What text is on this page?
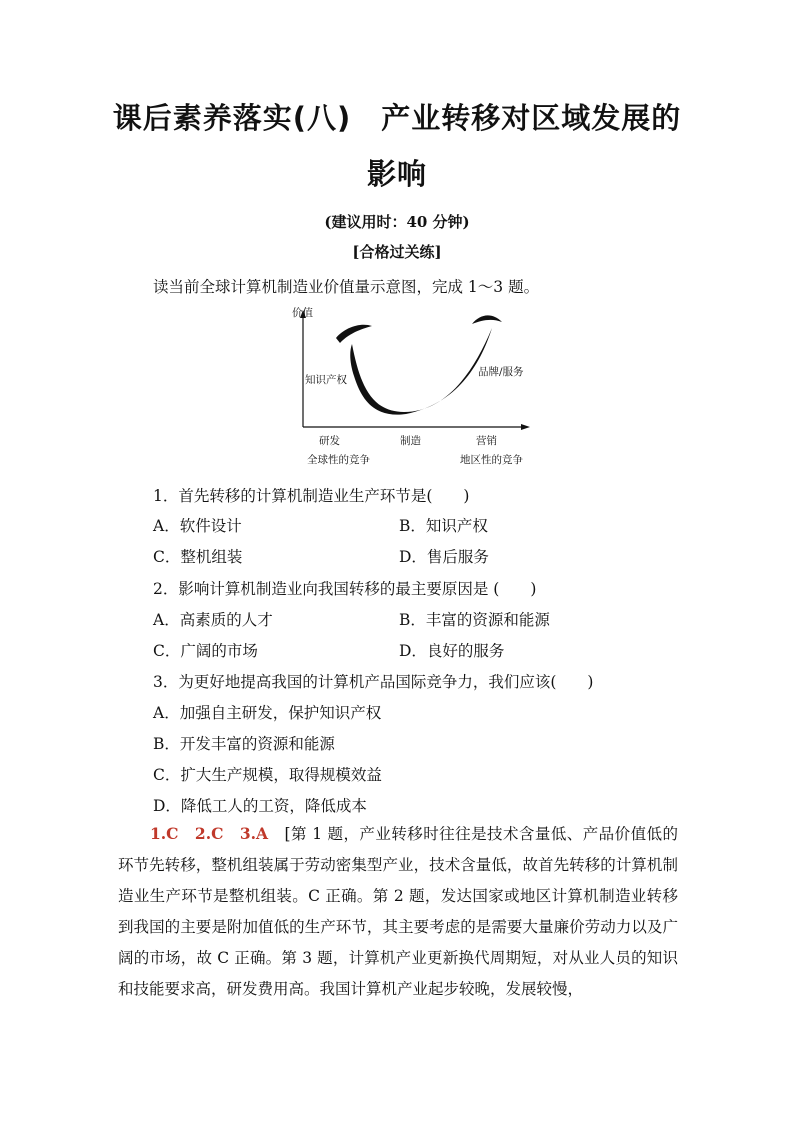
课后素养落实(八)　产业转移对区域发展的
影响
(建议用时：40 分钟)
[合格过关练]
读当前全球计算机制造业价值量示意图，完成 1～3 题。
价值
知识产权
品牌/服务
研发	制造	营销
全球性的竞争	地区性的竞争
1．首先转移的计算机制造业生产环节是(　　)
A．软件设计	B．知识产权
C．整机组装	D．售后服务
2．影响计算机制造业向我国转移的最主要原因是 (　　)
A．高素质的人才	B．丰富的资源和能源
C．广阔的市场	D．良好的服务
3．为更好地提高我国的计算机产品国际竞争力，我们应该(　　)
A．加强自主研发，保护知识产权
B．开发丰富的资源和能源
C．扩大生产规模，取得规模效益
D．降低工人的工资，降低成本
1.C　2.C　3.A　 [第 1 题，产业转移时往往是技术含量低、产品价值低的环节先转移，整机组装属于劳动密集型产业，技术含量低，故首先转移的计算机制造业生产环节是整机组装。C 正确。第 2 题，发达国家或地区计算机制造业转移到我国的主要是附加值低的生产环节，其主要考虑的是需要大量廉价劳动力以及广阔的市场，故 C 正确。第 3 题，计算机产业更新换代周期短，对从业人员的知识和技能要求高，研发费用高。我国计算机产业起步较晚，发展较慢，
